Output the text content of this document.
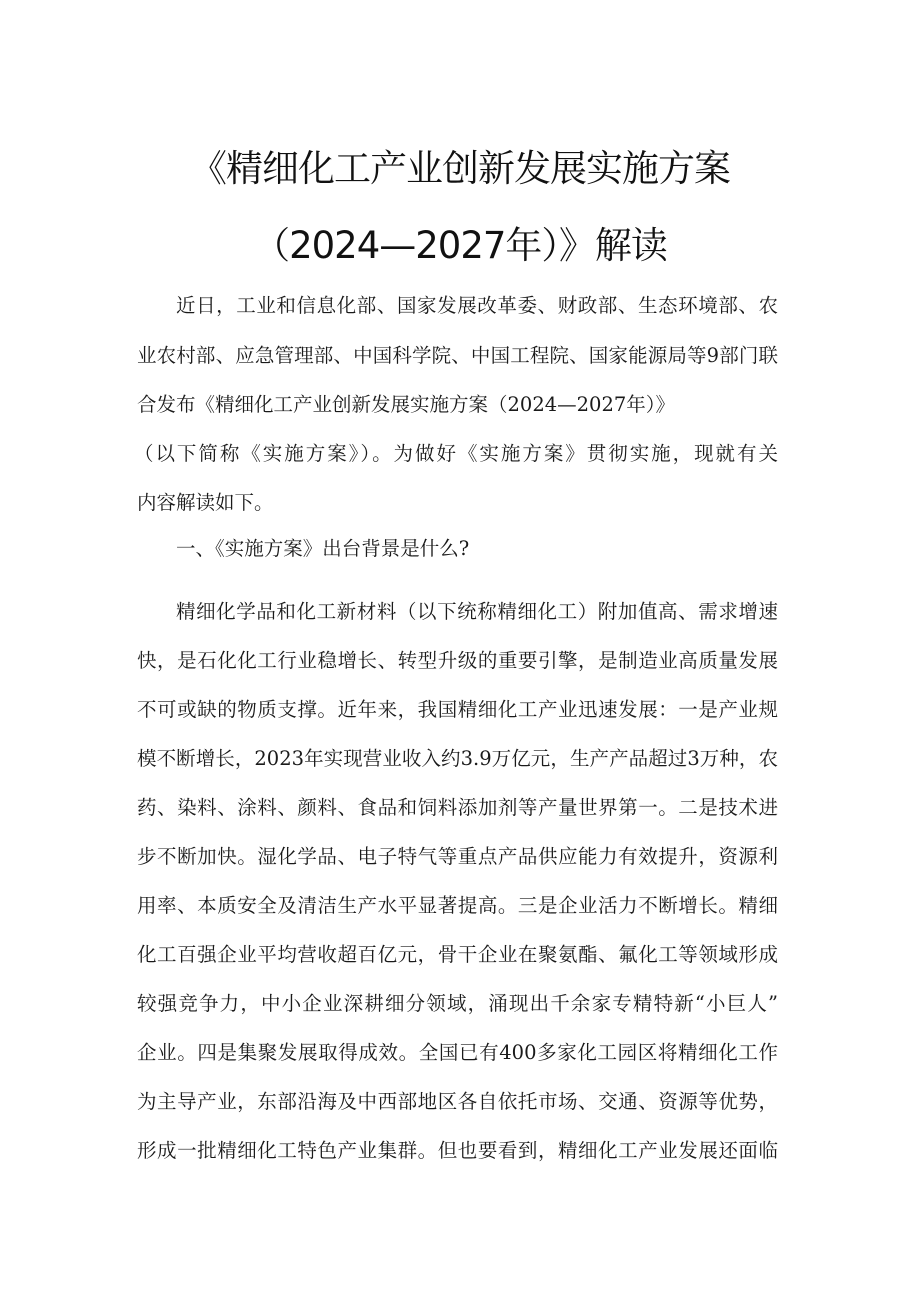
《精细化工产业创新发展实施方案
（2024—2027年）》解读
近日，工业和信息化部、国家发展改革委、财政部、生态环境部、农
业农村部、应急管理部、中国科学院、中国工程院、国家能源局等9部门联
合发布《精细化工产业创新发展实施方案（2024—2027年）》
（以下简称《实施方案》）。为做好《实施方案》贯彻实施，现就有关
内容解读如下。
一、《实施方案》出台背景是什么?
精细化学品和化工新材料（以下统称精细化工）附加值高、需求增速
快，是石化化工行业稳增长、转型升级的重要引擎，是制造业高质量发展
不可或缺的物质支撑。近年来，我国精细化工产业迅速发展：一是产业规
模不断增长，2023年实现营业收入约3.9万亿元，生产产品超过3万种，农
药、染料、涂料、颜料、食品和饲料添加剂等产量世界第一。二是技术进
步不断加快。湿化学品、电子特气等重点产品供应能力有效提升，资源利
用率、本质安全及清洁生产水平显著提高。三是企业活力不断增长。精细
化工百强企业平均营收超百亿元，骨干企业在聚氨酯、氟化工等领域形成
较强竞争力，中小企业深耕细分领域，涌现出千余家专精特新“小巨人”
企业。四是集聚发展取得成效。全国已有400多家化工园区将精细化工作
为主导产业，东部沿海及中西部地区各自依托市场、交通、资源等优势，
形成一批精细化工特色产业集群。但也要看到，精细化工产业发展还面临
